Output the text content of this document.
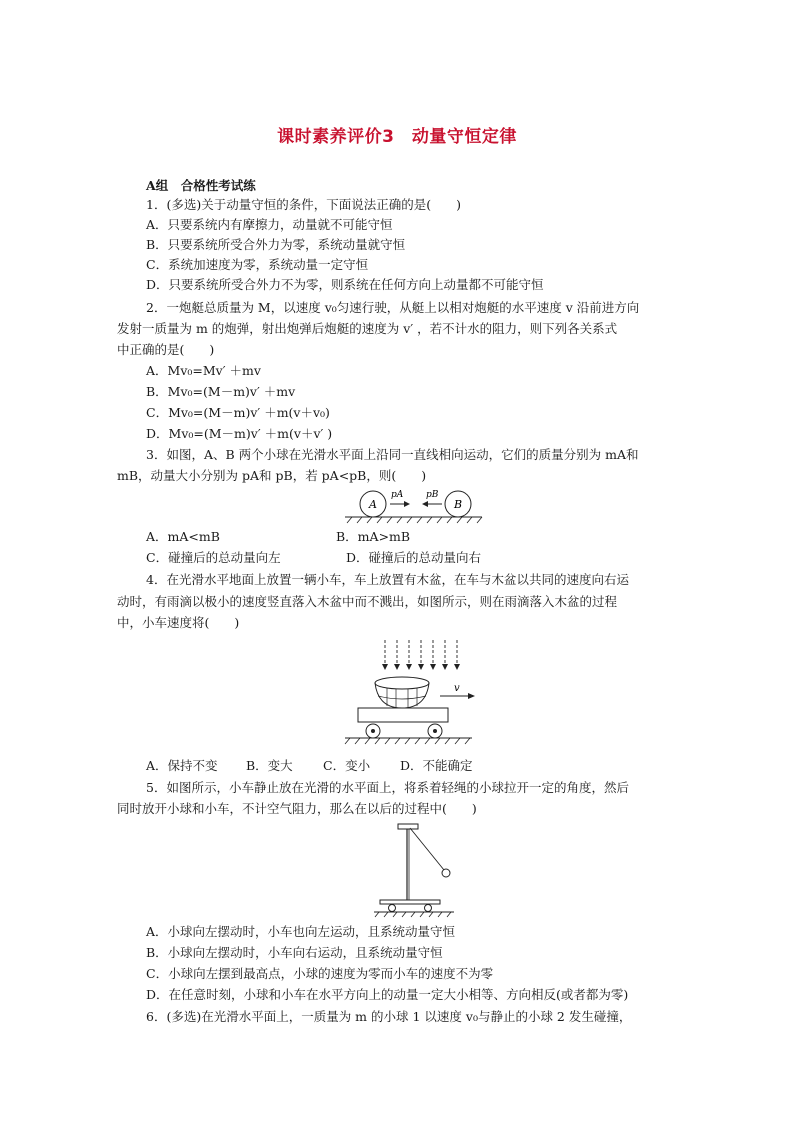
课时素养评价3　动量守恒定律
A组　合格性考试练
1．(多选)关于动量守恒的条件，下面说法正确的是(　　)
A．只要系统内有摩擦力，动量就不可能守恒
B．只要系统所受合外力为零，系统动量就守恒
C．系统加速度为零，系统动量一定守恒
D．只要系统所受合外力不为零，则系统在任何方向上动量都不可能守恒
2．一炮艇总质量为 M，以速度 v₀匀速行驶，从艇上以相对炮艇的水平速度 v 沿前进方向
发射一质量为 m 的炮弹，射出炮弹后炮艇的速度为 v′ ，若不计水的阻力，则下列各关系式
中正确的是(　　)
A．Mv₀=Mv′ ＋mv
B．Mv₀=(M－m)v′ ＋mv
C．Mv₀=(M－m)v′ ＋m(v＋v₀)
D．Mv₀=(M－m)v′ ＋m(v＋v′ )
3．如图，A、B 两个小球在光滑水平面上沿同一直线相向运动，它们的质量分别为 mA和
mB，动量大小分别为 pA和 pB，若 pA<pB，则(　　)
A	B
pA	pB
A．mA<mB	B．mA>mB
C．碰撞后的总动量向左	D．碰撞后的总动量向右
4．在光滑水平地面上放置一辆小车，车上放置有木盆，在车与木盆以共同的速度向右运
动时，有雨滴以极小的速度竖直落入木盆中而不溅出，如图所示，则在雨滴落入木盆的过程
中，小车速度将(　　)
v
A．保持不变 B．变大 C．变小 D．不能确定
5．如图所示，小车静止放在光滑的水平面上，将系着轻绳的小球拉开一定的角度，然后
同时放开小球和小车，不计空气阻力，那么在以后的过程中(　　)
A．小球向左摆动时，小车也向左运动，且系统动量守恒
B．小球向左摆动时，小车向右运动，且系统动量守恒
C．小球向左摆到最高点，小球的速度为零而小车的速度不为零
D．在任意时刻，小球和小车在水平方向上的动量一定大小相等、方向相反(或者都为零)
6．(多选)在光滑水平面上，一质量为 m 的小球 1 以速度 v₀与静止的小球 2 发生碰撞，
